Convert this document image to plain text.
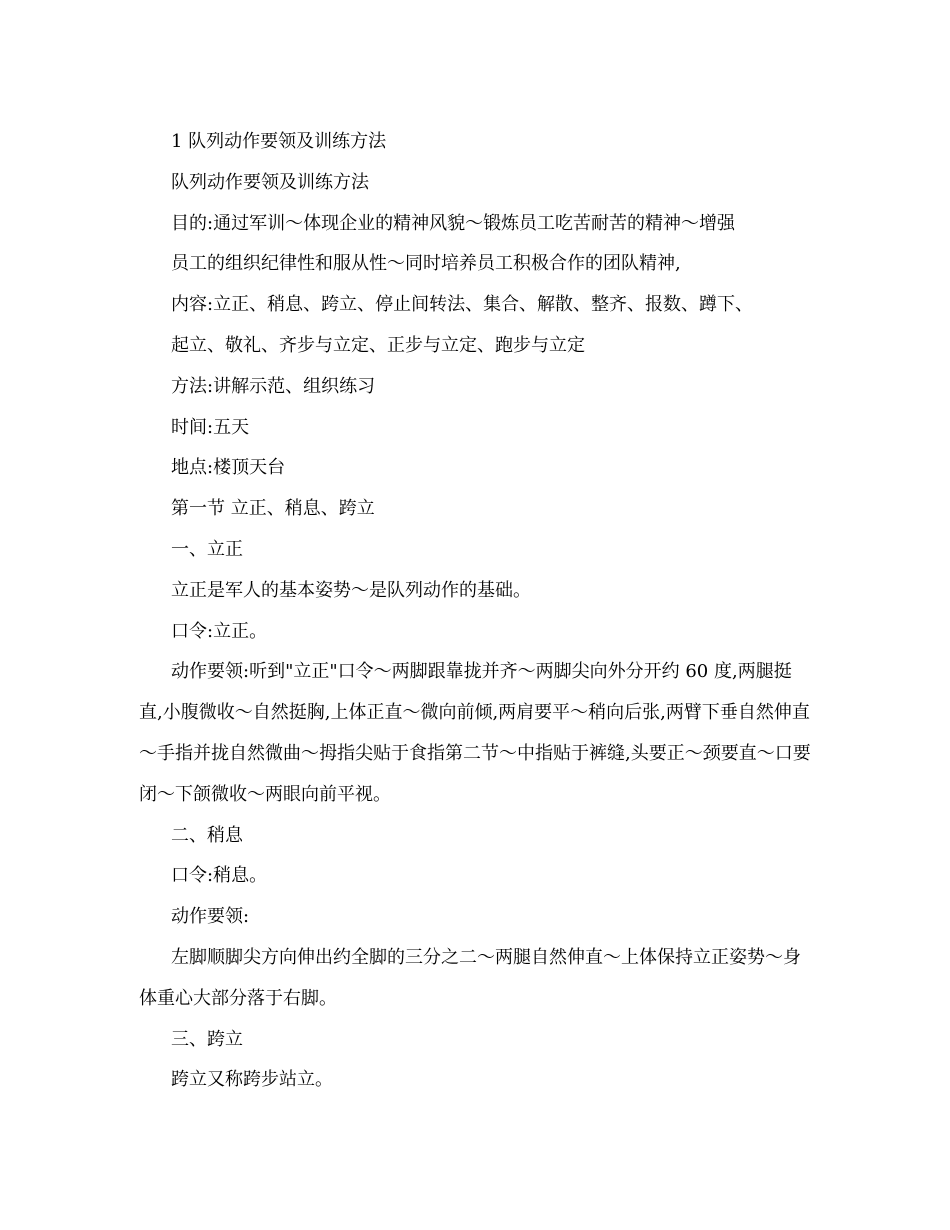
1 队列动作要领及训练方法

队列动作要领及训练方法

目的:通过军训～体现企业的精神风貌～锻炼员工吃苦耐苦的精神～增强

员工的组织纪律性和服从性～同时培养员工积极合作的团队精神,

内容:立正、稍息、跨立、停止间转法、集合、解散、整齐、报数、蹲下、

起立、敬礼、齐步与立定、正步与立定、跑步与立定

方法:讲解示范、组织练习

时间:五天

地点:楼顶天台

第一节 立正、稍息、跨立

一、立正

立正是军人的基本姿势～是队列动作的基础。

口令:立正。

动作要领:听到"立正"口令～两脚跟靠拢并齐～两脚尖向外分开约 60 度,两腿挺直,小腹微收～自然挺胸,上体正直～微向前倾,两肩要平～稍向后张,两臂下垂自然伸直～手指并拢自然微曲～拇指尖贴于食指第二节～中指贴于裤缝,头要正～颈要直～口要闭～下颌微收～两眼向前平视。

二、稍息

口令:稍息。

动作要领:

左脚顺脚尖方向伸出约全脚的三分之二～两腿自然伸直～上体保持立正姿势～身体重心大部分落于右脚。

三、跨立

跨立又称跨步站立。
